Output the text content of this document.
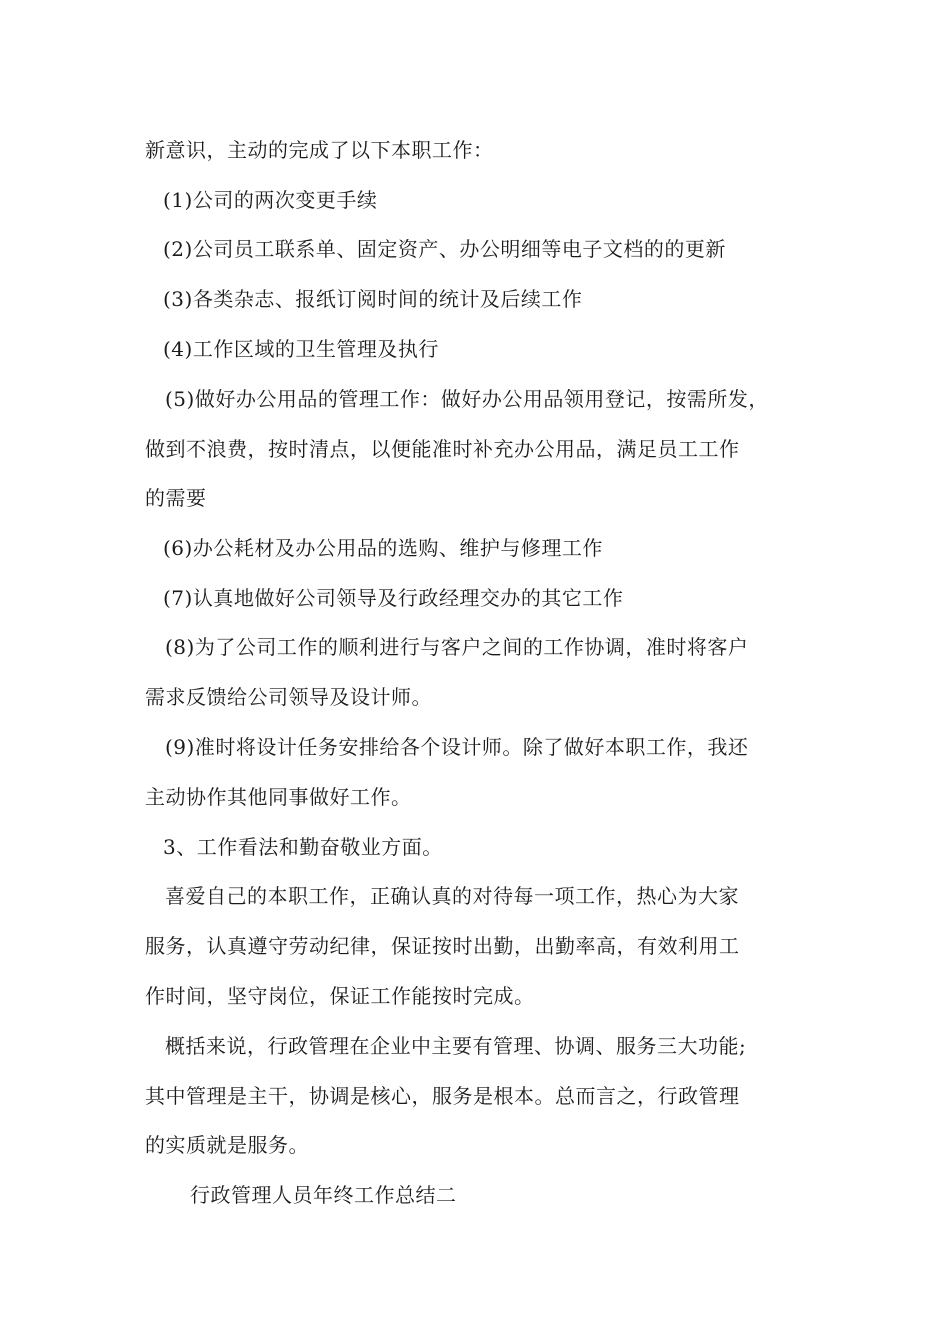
新意识，主动的完成了以下本职工作：
(1)公司的两次变更手续
(2)公司员工联系单、固定资产、办公明细等电子文档的的更新
(3)各类杂志、报纸订阅时间的统计及后续工作
(4)工作区域的卫生管理及执行
(5)做好办公用品的管理工作：做好办公用品领用登记，按需所发，
做到不浪费，按时清点，以便能准时补充办公用品，满足员工工作
的需要
(6)办公耗材及办公用品的选购、维护与修理工作
(7)认真地做好公司领导及行政经理交办的其它工作
(8)为了公司工作的顺利进行与客户之间的工作协调，准时将客户
需求反馈给公司领导及设计师。
(9)准时将设计任务安排给各个设计师。除了做好本职工作，我还
主动协作其他同事做好工作。
3、工作看法和勤奋敬业方面。
喜爱自己的本职工作，正确认真的对待每一项工作，热心为大家
服务，认真遵守劳动纪律，保证按时出勤，出勤率高，有效利用工
作时间，坚守岗位，保证工作能按时完成。
概括来说，行政管理在企业中主要有管理、协调、服务三大功能;
其中管理是主干，协调是核心，服务是根本。总而言之，行政管理
的实质就是服务。
行政管理人员年终工作总结二
